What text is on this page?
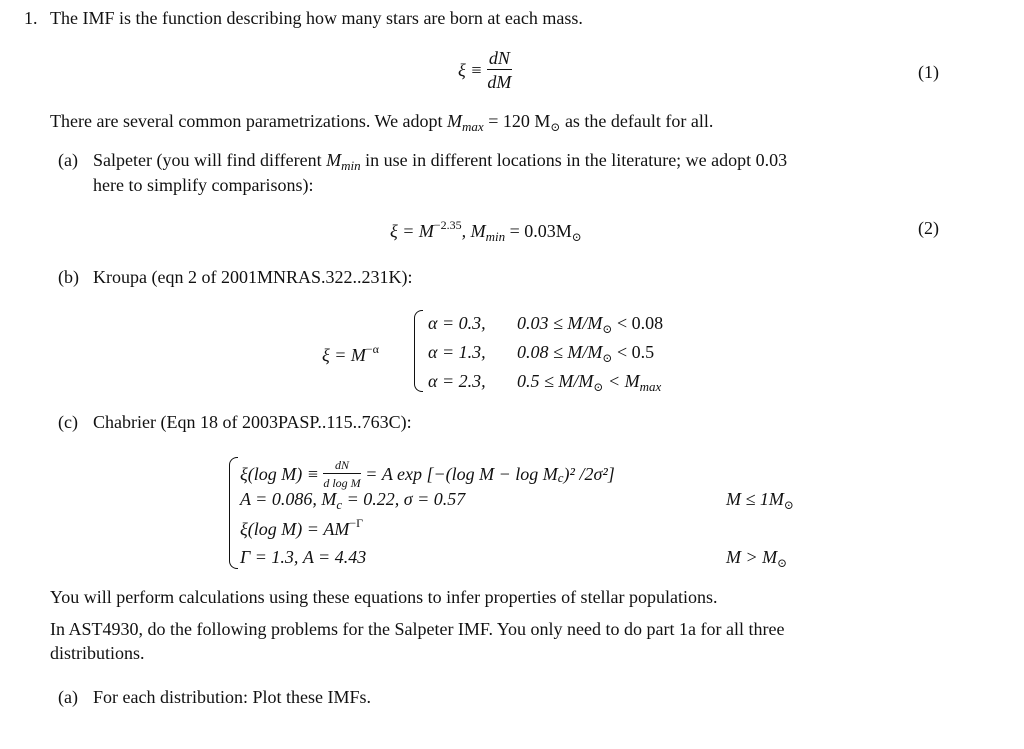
1. The IMF is the function describing how many stars are born at each mass.
$\xi \equiv \frac{dN}{dM}$	(1)
There are several common parametrizations. We adopt $M_{max} = 120$ $M_⊙$ as the default for all.
(a) Salpeter (you will find different $M_{min}$ in use in different locations in the literature; we adopt 0.03
here to simplify comparisons):
$\xi = M^{-2.35}$, $M_{min} = 0.03M_⊙$	(2)
(b) Kroupa (eqn 2 of 2001MNRAS.322..231K):
$\xi = M^{-\alpha}$
α = 0.3, $0.03 \le M/M_⊙ < 0.08$
α = 1.3, $0.08 \le M/M_⊙ < 0.5$
α = 2.3, $0.5 \le M/M_⊙ < M_{max}$
(c) Chabrier (Eqn 18 of 2003PASP..115..763C):
ξ(log $M) \equiv \frac{dN}{\text{d log M}} = A$ exp [−(log $M - \log M_c)^2$ /2σ²]
A = 0.086, $M_c = 0.22$, σ = 0.57	$M \le 1M_⊙$
ξ(log $M) = AM^{-\Gamma}$
Γ = 1.3, A = 4.43	$M > M_⊙$
You will perform calculations using these equations to infer properties of stellar populations.
In AST4930, do the following problems for the Salpeter IMF. You only need to do part 1a for all three
distributions.
(a) For each distribution: Plot these IMFs.
